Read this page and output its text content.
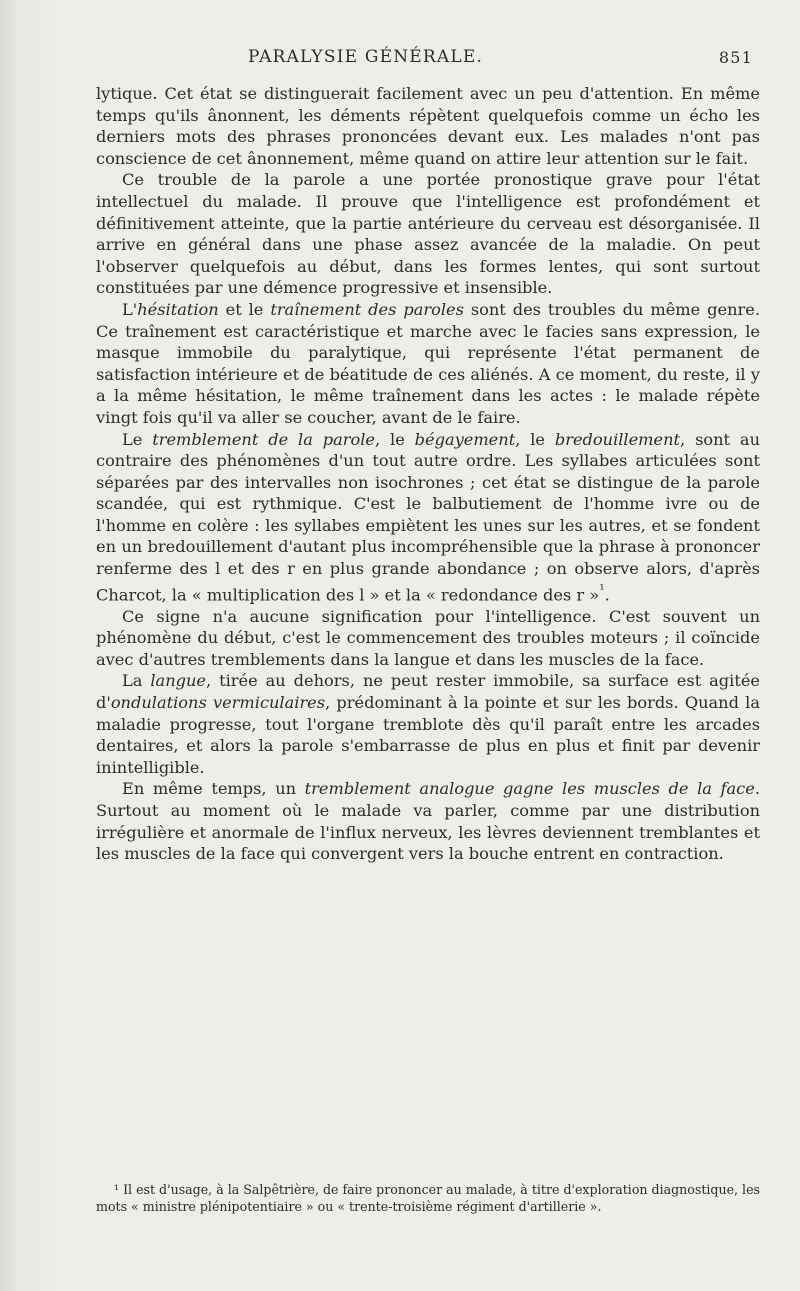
PARALYSIE GÉNÉRALE.	851

lytique. Cet état se distinguerait facilement avec un peu d'attention. En même temps qu'ils ânonnent, les déments répètent quelquefois comme un écho les derniers mots des phrases prononcées devant eux. Les malades n'ont pas conscience de cet ânonnement, même quand on attire leur attention sur le fait.

Ce trouble de la parole a une portée pronostique grave pour l'état intellectuel du malade. Il prouve que l'intelligence est profondément et définitivement atteinte, que la partie antérieure du cerveau est désorganisée. Il arrive en général dans une phase assez avancée de la maladie. On peut l'observer quelquefois au début, dans les formes lentes, qui sont surtout constituées par une démence progressive et insensible.

L'hésitation et le traînement des paroles sont des troubles du même genre. Ce traînement est caractéristique et marche avec le facies sans expression, le masque immobile du paralytique, qui représente l'état permanent de satisfaction intérieure et de béatitude de ces aliénés. A ce moment, du reste, il y a la même hésitation, le même traînement dans les actes : le malade répète vingt fois qu'il va aller se coucher, avant de le faire.

Le tremblement de la parole, le bégayement, le bredouillement, sont au contraire des phénomènes d'un tout autre ordre. Les syllabes articulées sont séparées par des intervalles non isochrones ; cet état se distingue de la parole scandée, qui est rythmique. C'est le balbutiement de l'homme ivre ou de l'homme en colère : les syllabes empiètent les unes sur les autres, et se fondent en un bredouillement d'autant plus incompréhensible que la phrase à prononcer renferme des l et des r en plus grande abondance ; on observe alors, d'après Charcot, la « multiplication des l » et la « redondance des r »$^{^1}$.

Ce signe n'a aucune signification pour l'intelligence. C'est souvent un phénomène du début, c'est le commencement des troubles moteurs ; il coïncide avec d'autres tremblements dans la langue et dans les muscles de la face.

La langue, tirée au dehors, ne peut rester immobile, sa surface est agitée d'ondulations vermiculaires, prédominant à la pointe et sur les bords. Quand la maladie progresse, tout l'organe tremblote dès qu'il paraît entre les arcades dentaires, et alors la parole s'embarrasse de plus en plus et finit par devenir inintelligible.

En même temps, un tremblement analogue gagne les muscles de la face. Surtout au moment où le malade va parler, comme par une distribution irrégulière et anormale de l'influx nerveux, les lèvres deviennent tremblantes et les muscles de la face qui convergent vers la bouche entrent en contraction.

¹ Il est d'usage, à la Salpêtrière, de faire prononcer au malade, à titre d'exploration diagnostique, les mots « ministre plénipotentiaire » ou « trente-troisième régiment d'artillerie ».
